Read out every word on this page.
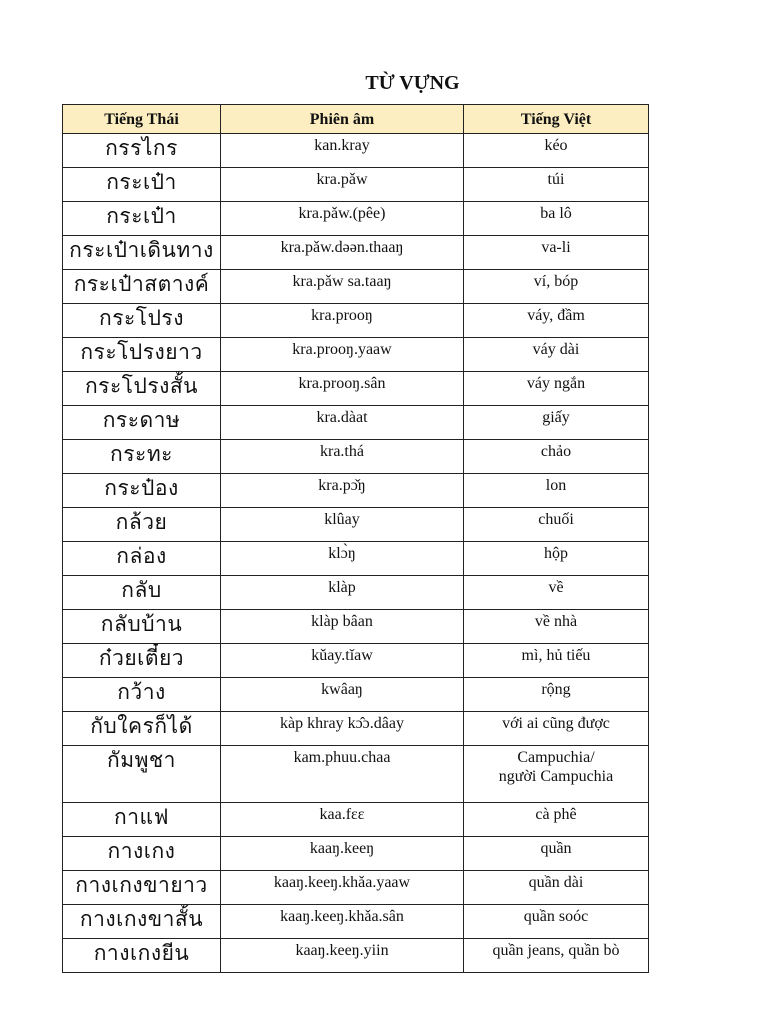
TỪ VỰNG
Tiếng Thái	Phiên âm	Tiếng Việt
กรรไกร	kan.kray	kéo
กระเป๋า	kra.pǎw	túi
กระเป๋า	kra.pǎw.(pêe)	ba lô
กระเป๋าเดินทาง	kra.pǎw.dəən.thaaŋ	va-li
กระเป๋าสตางค์	kra.pǎw sa.taaŋ	ví, bóp
กระโปรง	kra.prooŋ	váy, đầm
กระโปรงยาว	kra.prooŋ.yaaw	váy dài
กระโปรงสั้น	kra.prooŋ.sân	váy ngắn
กระดาษ	kra.dàat	giấy
กระทะ	kra.thá	chảo
กระป๋อง	kra.pɔ̌ŋ	lon
กล้วย	klûay	chuối
กล่อง	klɔ̀ŋ	hộp
กลับ	klàp	về
กลับบ้าน	klàp bâan	về nhà
ก๋วยเตี๋ยว	kǔay.tǐaw	mì, hủ tiếu
กว้าง	kwâaŋ	rộng
กับใครก็ได้	kàp khray kɔ̂ɔ.dâay	với ai cũng được
กัมพูชา	kam.phuu.chaa	Campuchia/
người Campuchia
กาแฟ	kaa.fɛɛ	cà phê
กางเกง	kaaŋ.keeŋ	quần
กางเกงขายาว	kaaŋ.keeŋ.khǎa.yaaw	quần dài
กางเกงขาสั้น	kaaŋ.keeŋ.khǎa.sân	quần soóc
กางเกงยีน	kaaŋ.keeŋ.yiin	quần jeans, quần bò
